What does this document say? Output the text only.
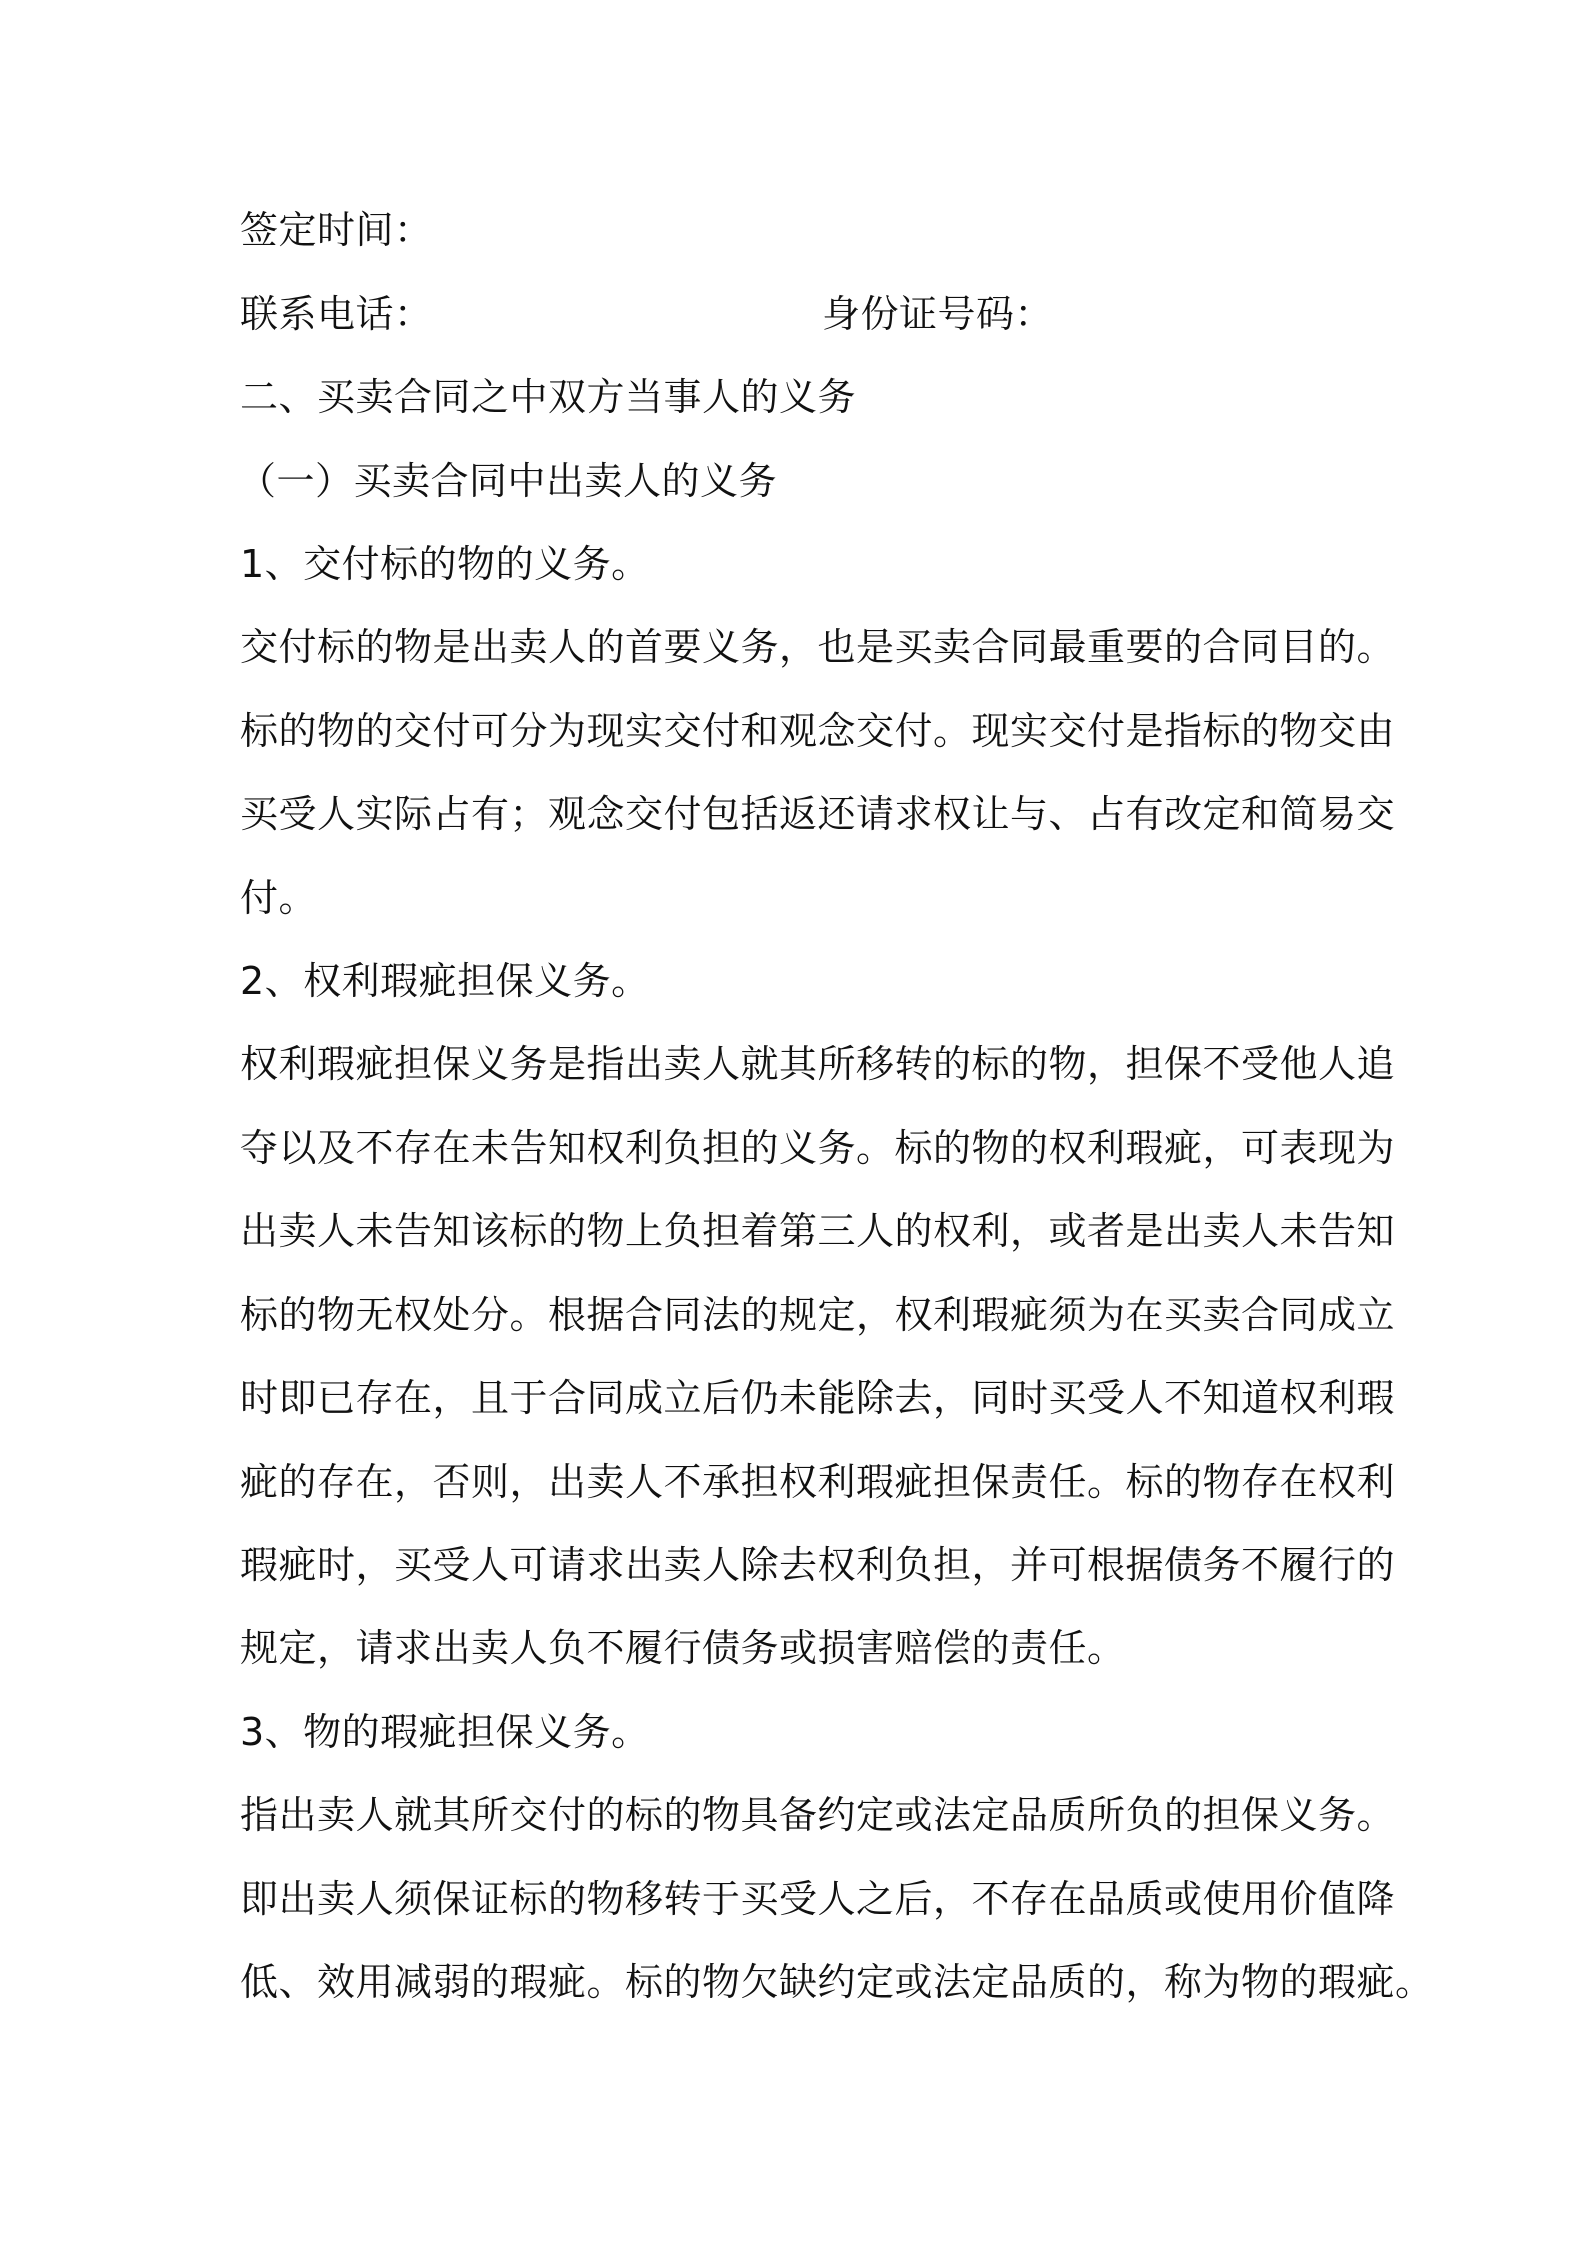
签定时间：
联系电话：	身份证号码：
二、买卖合同之中双方当事人的义务
（一）买卖合同中出卖人的义务
1、交付标的物的义务。
交付标的物是出卖人的首要义务，也是买卖合同最重要的合同目的。
标的物的交付可分为现实交付和观念交付。现实交付是指标的物交由
买受人实际占有；观念交付包括返还请求权让与、占有改定和简易交
付。
2、权利瑕疵担保义务。
权利瑕疵担保义务是指出卖人就其所移转的标的物，担保不受他人追
夺以及不存在未告知权利负担的义务。标的物的权利瑕疵，可表现为
出卖人未告知该标的物上负担着第三人的权利，或者是出卖人未告知
标的物无权处分。根据合同法的规定，权利瑕疵须为在买卖合同成立
时即已存在，且于合同成立后仍未能除去，同时买受人不知道权利瑕
疵的存在，否则，出卖人不承担权利瑕疵担保责任。标的物存在权利
瑕疵时，买受人可请求出卖人除去权利负担，并可根据债务不履行的
规定，请求出卖人负不履行债务或损害赔偿的责任。
3、物的瑕疵担保义务。
指出卖人就其所交付的标的物具备约定或法定品质所负的担保义务。
即出卖人须保证标的物移转于买受人之后，不存在品质或使用价值降
低、效用减弱的瑕疵。标的物欠缺约定或法定品质的，称为物的瑕疵。
